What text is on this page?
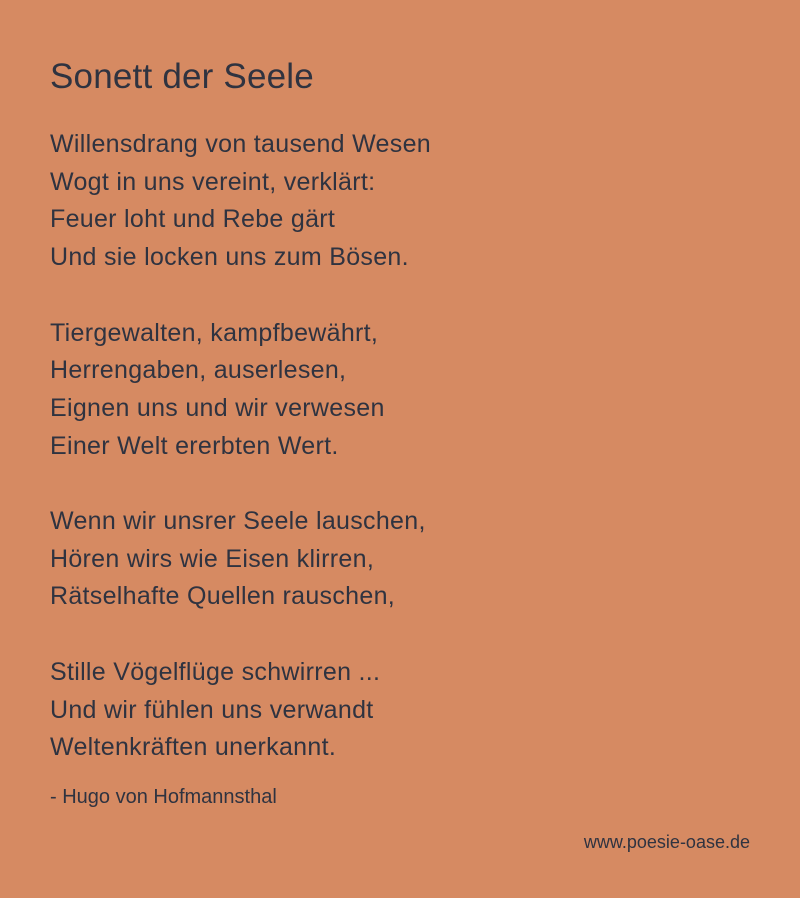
Sonett der Seele

Willensdrang von tausend Wesen
Wogt in uns vereint, verklärt:
Feuer loht und Rebe gärt
Und sie locken uns zum Bösen.

Tiergewalten, kampfbewährt,
Herrengaben, auserlesen,
Eignen uns und wir verwesen
Einer Welt ererbten Wert.

Wenn wir unsrer Seele lauschen,
Hören wirs wie Eisen klirren,
Rätselhafte Quellen rauschen,

Stille Vögelflüge schwirren ...
Und wir fühlen uns verwandt
Weltenkräften unerkannt.

- Hugo von Hofmannsthal
www.poesie-oase.de
